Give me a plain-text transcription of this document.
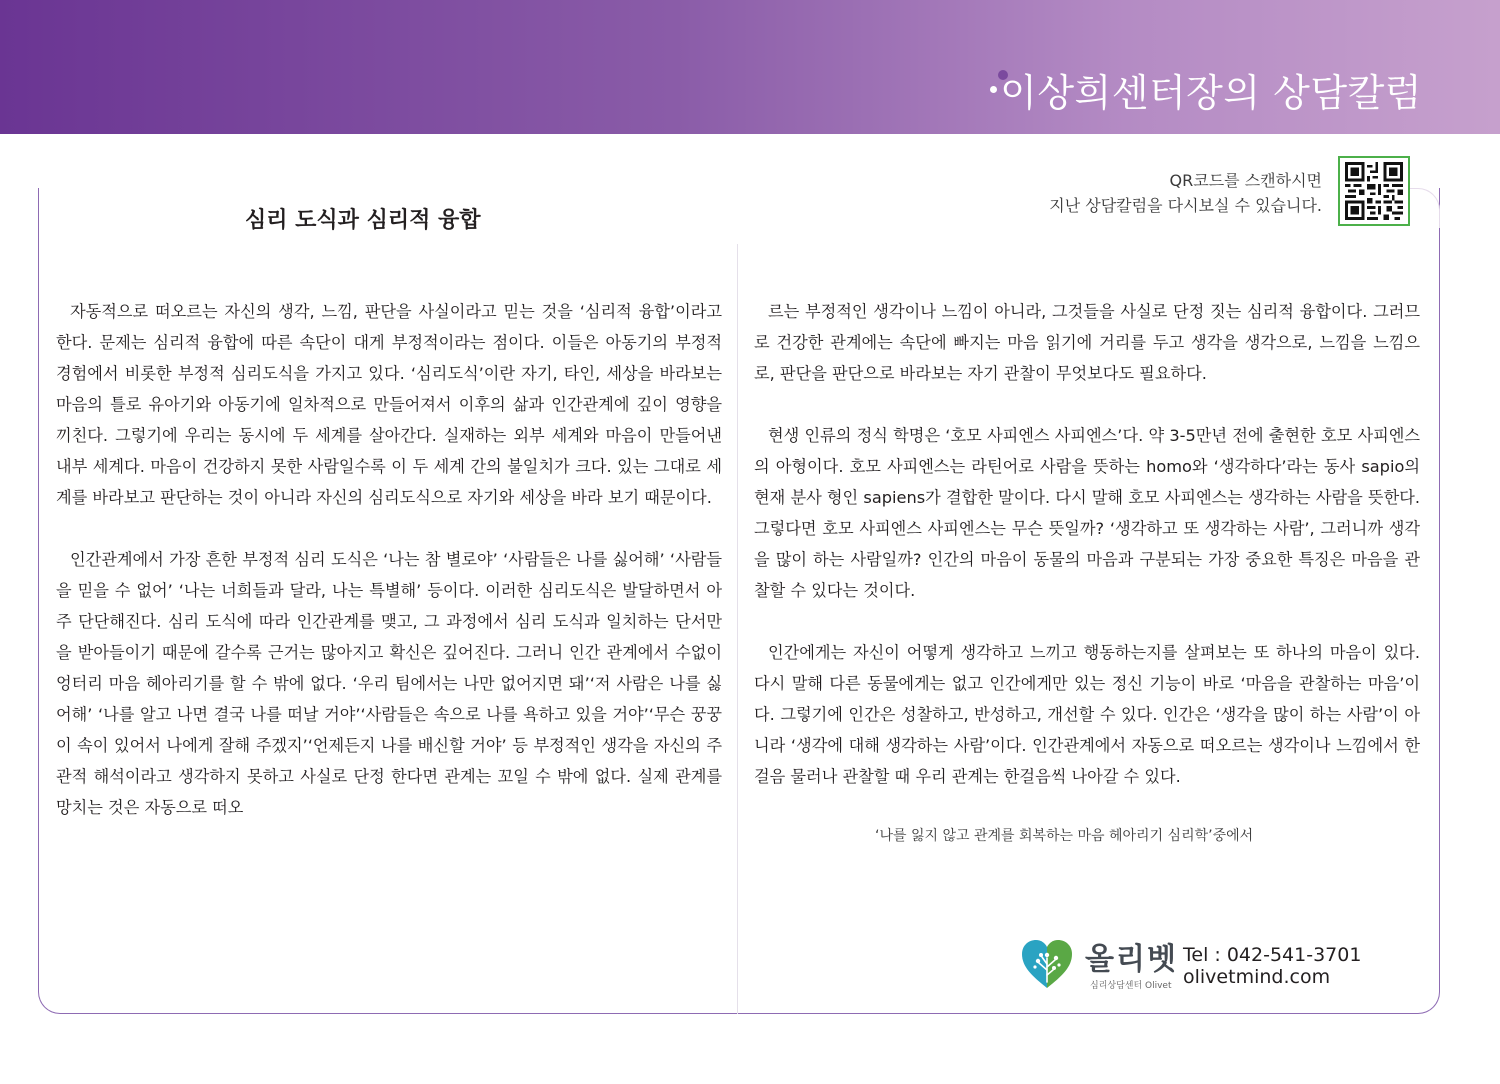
이상희센터장의 상담칼럼
심리 도식과 심리적 융합
QR코드를 스캔하시면
지난 상담칼럼을 다시보실 수 있습니다.

자동적으로 떠오르는 자신의 생각, 느낌, 판단을 사실이라고 믿는 것을 ‘심리적 융합’이라고 한다. 문제는 심리적 융합에 따른 속단이 대게 부정적이라는 점이다. 이들은 아동기의 부정적 경험에서 비롯한 부정적 심리도식을 가지고 있다. ‘심리도식’이란 자기, 타인, 세상을 바라보는 마음의 틀로 유아기와 아동기에 일차적으로 만들어져서 이후의 삶과 인간관계에 깊이 영향을 끼친다. 그렇기에 우리는 동시에 두 세계를 살아간다. 실재하는 외부 세계와 마음이 만들어낸 내부 세계다. 마음이 건강하지 못한 사람일수록 이 두 세계 간의 불일치가 크다. 있는 그대로 세계를 바라보고 판단하는 것이 아니라 자신의 심리도식으로 자기와 세상을 바라 보기 때문이다.

인간관계에서 가장 흔한 부정적 심리 도식은 ‘나는 참 별로야’ ‘사람들은 나를 싫어해’ ‘사람들을 믿을 수 없어’ ‘나는 너희들과 달라, 나는 특별해’ 등이다. 이러한 심리도식은 발달하면서 아주 단단해진다. 심리 도식에 따라 인간관계를 맺고, 그 과정에서 심리 도식과 일치하는 단서만을 받아들이기 때문에 갈수록 근거는 많아지고 확신은 깊어진다. 그러니 인간 관계에서 수없이 엉터리 마음 헤아리기를 할 수 밖에 없다. ‘우리 팀에서는 나만 없어지면 돼’‘저 사람은 나를 싫어해’ ‘나를 알고 나면 결국 나를 떠날 거야’‘사람들은 속으로 나를 욕하고 있을 거야’‘무슨 꿍꿍이 속이 있어서 나에게 잘해 주겠지’‘언제든지 나를 배신할 거야’ 등 부정적인 생각을 자신의 주관적 해석이라고 생각하지 못하고 사실로 단정 한다면 관계는 꼬일 수 밖에 없다. 실제 관계를 망치는 것은 자동으로 떠오

르는 부정적인 생각이나 느낌이 아니라, 그것들을 사실로 단정 짓는 심리적 융합이다. 그러므로 건강한 관계에는 속단에 빠지는 마음 읽기에 거리를 두고 생각을 생각으로, 느낌을 느낌으로, 판단을 판단으로 바라보는 자기 관찰이 무엇보다도 필요하다.

현생 인류의 정식 학명은 ‘호모 사피엔스 사피엔스’다. 약 3-5만년 전에 출현한 호모 사피엔스의 아형이다. 호모 사피엔스는 라틴어로 사람을 뜻하는 homo와 ‘생각하다’라는 동사 sapio의 현재 분사 형인 sapiens가 결합한 말이다. 다시 말해 호모 사피엔스는 생각하는 사람을 뜻한다. 그렇다면 호모 사피엔스 사피엔스는 무슨 뜻일까? ‘생각하고 또 생각하는 사람’, 그러니까 생각을 많이 하는 사람일까? 인간의 마음이 동물의 마음과 구분되는 가장 중요한 특징은 마음을 관찰할 수 있다는 것이다.

인간에게는 자신이 어떻게 생각하고 느끼고 행동하는지를 살펴보는 또 하나의 마음이 있다. 다시 말해 다른 동물에게는 없고 인간에게만 있는 정신 기능이 바로 ‘마음을 관찰하는 마음’이다. 그렇기에 인간은 성찰하고, 반성하고, 개선할 수 있다. 인간은 ‘생각을 많이 하는 사람’이 아니라 ‘생각에 대해 생각하는 사람’이다. 인간관계에서 자동으로 떠오르는 생각이나 느낌에서 한걸음 물러나 관찰할 때 우리 관계는 한걸음씩 나아갈 수 있다.

‘나를 잃지 않고 관계를 회복하는 마음 헤아리기 심리학’중에서
올리벳
심리상담센터 Olivet
Tel : 042-541-3701
olivetmind.com
